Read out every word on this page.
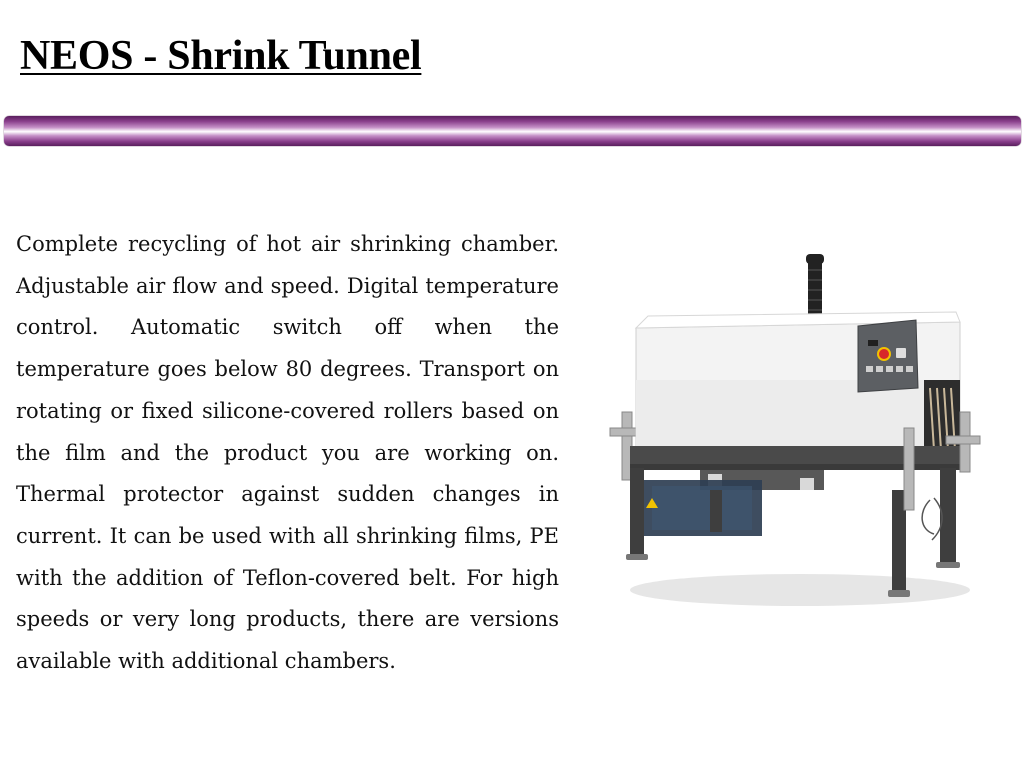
NEOS - Shrink Tunnel

Complete recycling of hot air shrinking chamber. Adjustable air flow and speed. Digital temperature control. Automatic switch off when the temperature goes below 80 degrees. Transport on rotating or fixed silicone-covered rollers based on the film and the product you are working on. Thermal protector against sudden changes in current. It can be used with all shrinking films, PE with the addition of Teflon-covered belt. For high speeds or very long products, there are versions available with additional chambers.
